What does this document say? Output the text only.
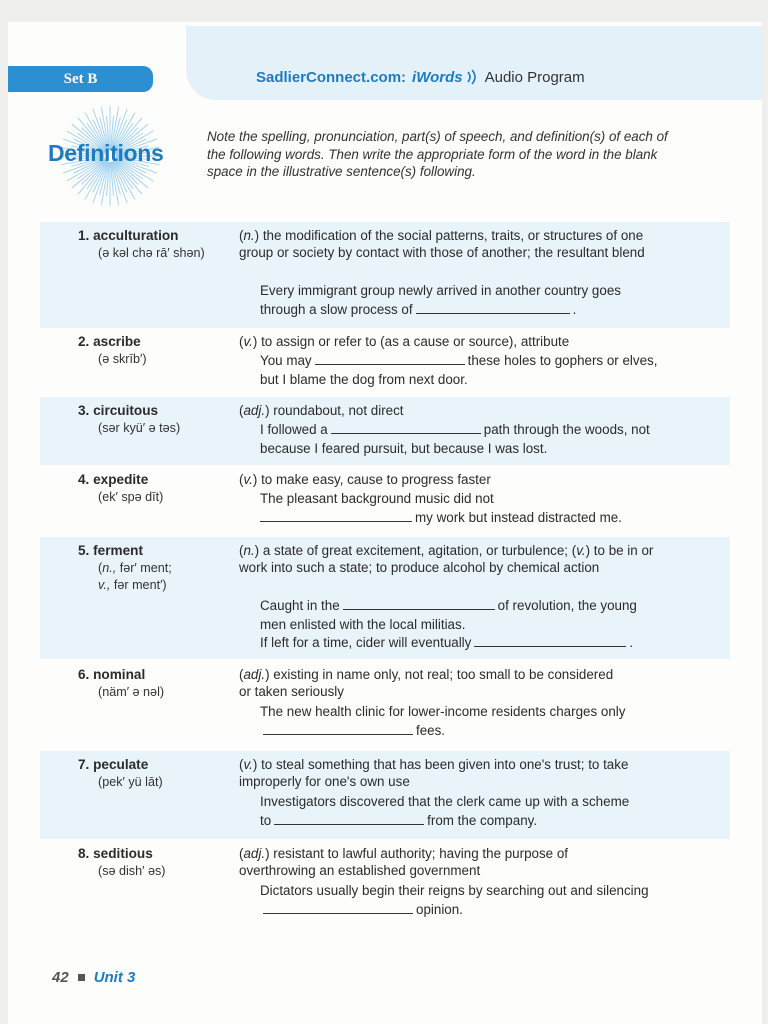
Set B	SadlierConnect.com: iWords Audio Program
Definitions
Note the spelling, pronunciation, part(s) of speech, and definition(s) of each of the following words. Then write the appropriate form of the word in the blank space in the illustrative sentence(s) following.
1. acculturation
(ə kəl chə rā′ shən)
(n.) the modification of the social patterns, traits, or structures of one group or society by contact with those of another; the resultant blend
Every immigrant group newly arrived in another country goes through a slow process of	.
2. ascribe
(ə skrīb′)
(v.) to assign or refer to (as a cause or source), attribute
You may	these holes to gophers or elves, but I blame the dog from next door.
3. circuitous
(sər kyü′ ə təs)
(adj.) roundabout, not direct
I followed a	path through the woods, not because I feared pursuit, but because I was lost.
4. expedite
(ek′ spə dīt)
(v.) to make easy, cause to progress faster
The pleasant background music did not
my work but instead distracted me.
5. ferment
(n., fər′ ment;
v., fər ment′)
(n.) a state of great excitement, agitation, or turbulence; (v.) to be in or work into such a state; to produce alcohol by chemical action
Caught in the	of revolution, the young men enlisted with the local militias.
If left for a time, cider will eventually	.
6. nominal
(näm′ ə nəl)
(adj.) existing in name only, not real; too small to be considered or taken seriously
The new health clinic for lower-income residents charges onlyfees.
7. peculate
(pek′ yü lāt)
(v.) to steal something that has been given into one's trust; to take improperly for one's own use
Investigators discovered that the clerk came up with a scheme to	from the company.
8. seditious
(sə dish′ əs)
(adj.) resistant to lawful authority; having the purpose of overthrowing an established government
Dictators usually begin their reigns by searching out and silencingopinion.
42 Unit 3
